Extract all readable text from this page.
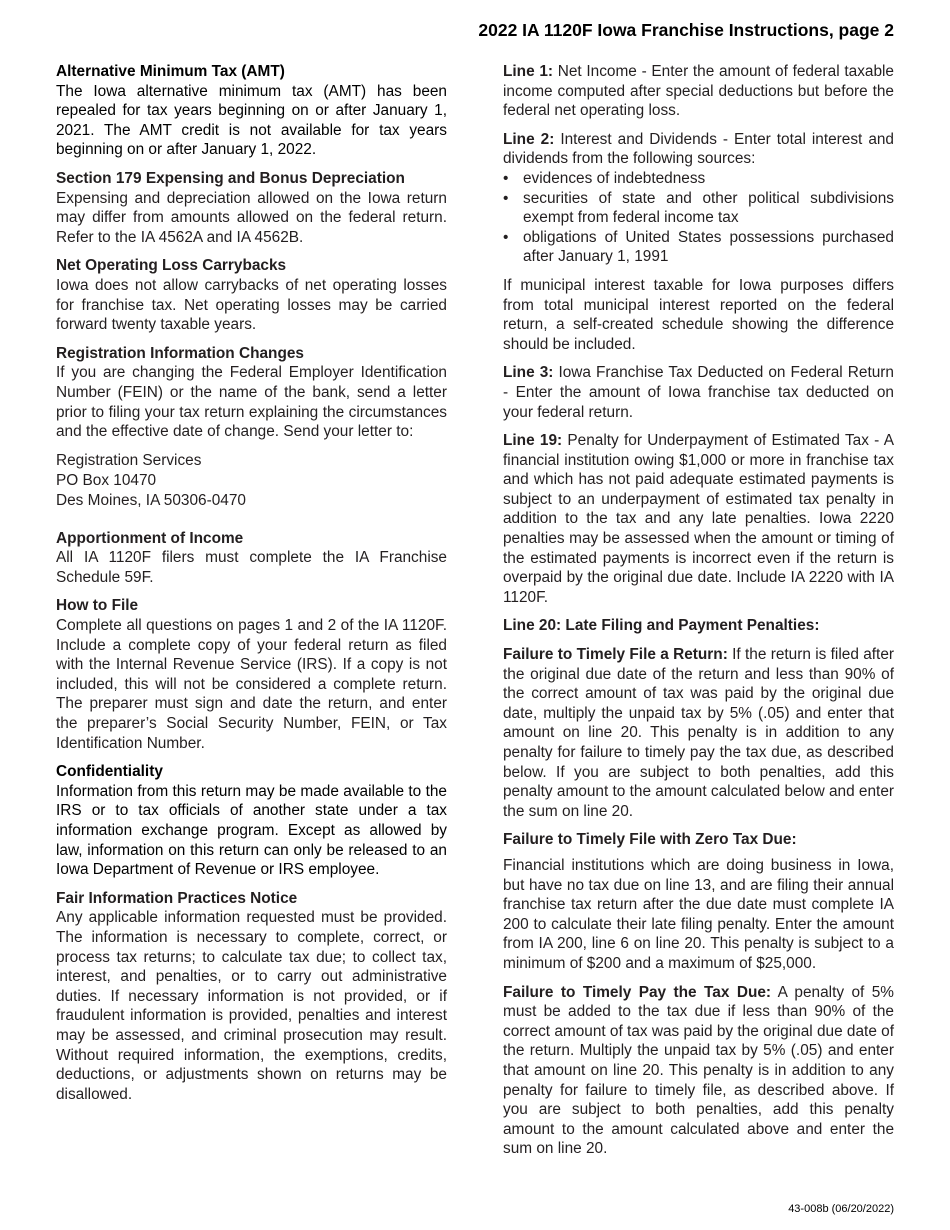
2022 IA 1120F Iowa Franchise Instructions, page 2
Alternative Minimum Tax (AMT)

The Iowa alternative minimum tax (AMT) has been repealed for tax years beginning on or after January 1, 2021. The AMT credit is not available for tax years beginning on or after January 1, 2022.

Section 179 Expensing and Bonus Depreciation

Expensing and depreciation allowed on the Iowa return may differ from amounts allowed on the federal return. Refer to the IA 4562A and IA 4562B.

Net Operating Loss Carrybacks

Iowa does not allow carrybacks of net operating losses for franchise tax. Net operating losses may be carried forward twenty taxable years.

Registration Information Changes

If you are changing the Federal Employer Identification Number (FEIN) or the name of the bank, send a letter prior to filing your tax return explaining the circumstances and the effective date of change. Send your letter to:

Registration Services
PO Box 10470
Des Moines, IA 50306-0470
Apportionment of Income

All IA 1120F filers must complete the IA Franchise Schedule 59F.

How to File

Complete all questions on pages 1 and 2 of the IA 1120F. Include a complete copy of your federal return as filed with the Internal Revenue Service (IRS). If a copy is not included, this will not be considered a complete return. The preparer must sign and date the return, and enter the preparer’s Social Security Number, FEIN, or Tax Identification Number.

Confidentiality

Information from this return may be made available to the IRS or to tax officials of another state under a tax information exchange program. Except as allowed by law, information on this return can only be released to an Iowa Department of Revenue or IRS employee.

Fair Information Practices Notice

Any applicable information requested must be provided. The information is necessary to complete, correct, or process tax returns; to calculate tax due; to collect tax, interest, and penalties, or to carry out administrative duties. If necessary information is not provided, or if fraudulent information is provided, penalties and interest may be assessed, and criminal prosecution may result. Without required information, the exemptions, credits, deductions, or adjustments shown on returns may be disallowed.

Line 1: Net Income - Enter the amount of federal taxable income computed after special deductions but before the federal net operating loss.

Line 2: Interest and Dividends - Enter total interest and dividends from the following sources:

• evidences of indebtedness
• securities of state and other political subdivisions exempt from federal income tax
• obligations of United States possessions purchased after January 1, 1991

If municipal interest taxable for Iowa purposes differs from total municipal interest reported on the federal return, a self-created schedule showing the difference should be included.

Line 3: Iowa Franchise Tax Deducted on Federal Return - Enter the amount of Iowa franchise tax deducted on your federal return.

Line 19: Penalty for Underpayment of Estimated Tax - A financial institution owing $1,000 or more in franchise tax and which has not paid adequate estimated payments is subject to an underpayment of estimated tax penalty in addition to the tax and any late penalties. Iowa 2220 penalties may be assessed when the amount or timing of the estimated payments is incorrect even if the return is overpaid by the original due date. Include IA 2220 with IA 1120F.

Line 20: Late Filing and Payment Penalties:

Failure to Timely File a Return: If the return is filed after the original due date of the return and less than 90% of the correct amount of tax was paid by the original due date, multiply the unpaid tax by 5% (.05) and enter that amount on line 20. This penalty is in addition to any penalty for failure to timely pay the tax due, as described below. If you are subject to both penalties, add this penalty amount to the amount calculated below and enter the sum on line 20.

Failure to Timely File with Zero Tax Due:

Financial institutions which are doing business in Iowa, but have no tax due on line 13, and are filing their annual franchise tax return after the due date must complete IA 200 to calculate their late filing penalty. Enter the amount from IA 200, line 6 on line 20. This penalty is subject to a minimum of $200 and a maximum of $25,000.

Failure to Timely Pay the Tax Due: A penalty of 5% must be added to the tax due if less than 90% of the correct amount of tax was paid by the original due date of the return. Multiply the unpaid tax by 5% (.05) and enter that amount on line 20. This penalty is in addition to any penalty for failure to timely file, as described above. If you are subject to both penalties, add this penalty amount to the amount calculated above and enter the sum on line 20.

43-008b (06/20/2022)
